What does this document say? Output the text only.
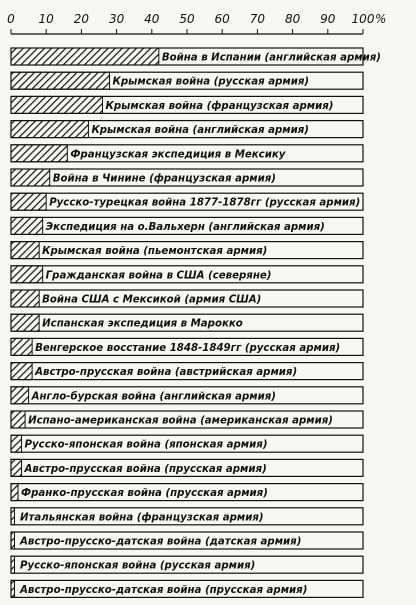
0 10 20 30 40 50 60 70 80 90 100 %
Война в Испании (английская армия)
Крымская война (русская армия)
Крымская война (французская армия)
Крымская война (английская армия)
Французская экспедиция в Мексику
Война в Чинине (французская армия)
Русско-турецкая война 1877-1878гг (русская армия)
Экспедиция на о.Вальхерн (английская армия)
Крымская война (пьемонтская армия)
Гражданская война в США (северяне)
Война США с Мексикой (армия США)
Испанская экспедиция в Марокко
Венгерское восстание 1848-1849гг (русская армия)
Австро-прусская война (австрийская армия)
Англо-бурская война (английская армия)
Испано-американская война (американская армия)
Русско-японская война (японская армия)
Австро-прусская война (прусская армия)
Франко-прусская война (прусская армия)
Итальянская война (французская армия)
Австро-прусско-датская война (датская армия)
Русско-японская война (русская армия)
Австро-прусско-датская война (прусская армия)
